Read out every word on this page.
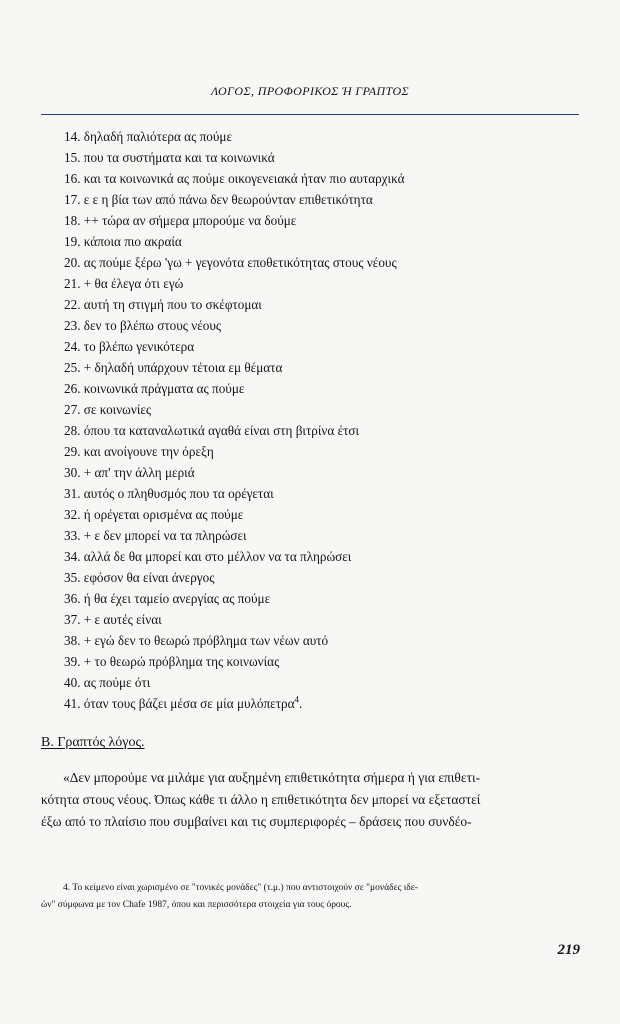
ΛΟΓΟΣ, ΠΡΟΦΟΡΙΚΟΣ Ή ΓΡΑΠΤΟΣ
14. δηλαδή παλιότερα ας πούμε
15. που τα συστήματα και τα κοινωνικά
16. και τα κοινωνικά ας πούμε οικογενειακά ήταν πιο αυταρχικά
17. ε ε η βία των από πάνω δεν θεωρούνταν επιθετικότητα
18. ++ τώρα αν σήμερα μπορούμε να δούμε
19. κάποια πιο ακραία
20. ας πούμε ξέρω 'γω + γεγονότα εποθετικότητας στους νέους
21. + θα έλεγα ότι εγώ
22. αυτή τη στιγμή που το σκέφτομαι
23. δεν το βλέπω στους νέους
24. το βλέπω γενικότερα
25. + δηλαδή υπάρχουν τέτοια εμ θέματα
26. κοινωνικά πράγματα ας πούμε
27. σε κοινωνίες
28. όπου τα καταναλωτικά αγαθά είναι στη βιτρίνα έτσι
29. και ανοίγουνε την όρεξη
30. + απ' την άλλη μεριά
31. αυτός ο πληθυσμός που τα ορέγεται
32. ή ορέγεται ορισμένα ας πούμε
33. + ε δεν μπορεί να τα πληρώσει
34. αλλά δε θα μπορεί και στο μέλλον να τα πληρώσει
35. εφόσον θα είναι άνεργος
36. ή θα έχει ταμείο ανεργίας ας πούμε
37. + ε αυτές είναι
38. + εγώ δεν το θεωρώ πρόβλημα των νέων αυτό
39. + το θεωρώ πρόβλημα της κοινωνίας
40. ας πούμε ότι
41. όταν τους βάζει μέσα σε μία μυλόπετρα$^4$.
Β. Γραπτός λόγος.

«Δεν μπορούμε να μιλάμε για αυξημένη επιθετικότητα σήμερα ή για επιθετι-
κότητα στους νέους. Όπως κάθε τι άλλο η επιθετικότητα δεν μπορεί να εξεταστεί
έξω από το πλαίσιο που συμβαίνει και τις συμπεριφορές – δράσεις που συνδέο-

4. Το κείμενο είναι χωρισμένο σε "τονικές μονάδες" (τ.μ.) που αντιστοιχούν σε "μονάδες ιδε-
ών" σύμφωνα με τον Chafe 1987, όπου και περισσότερα στοιχεία για τους όρους.

219
